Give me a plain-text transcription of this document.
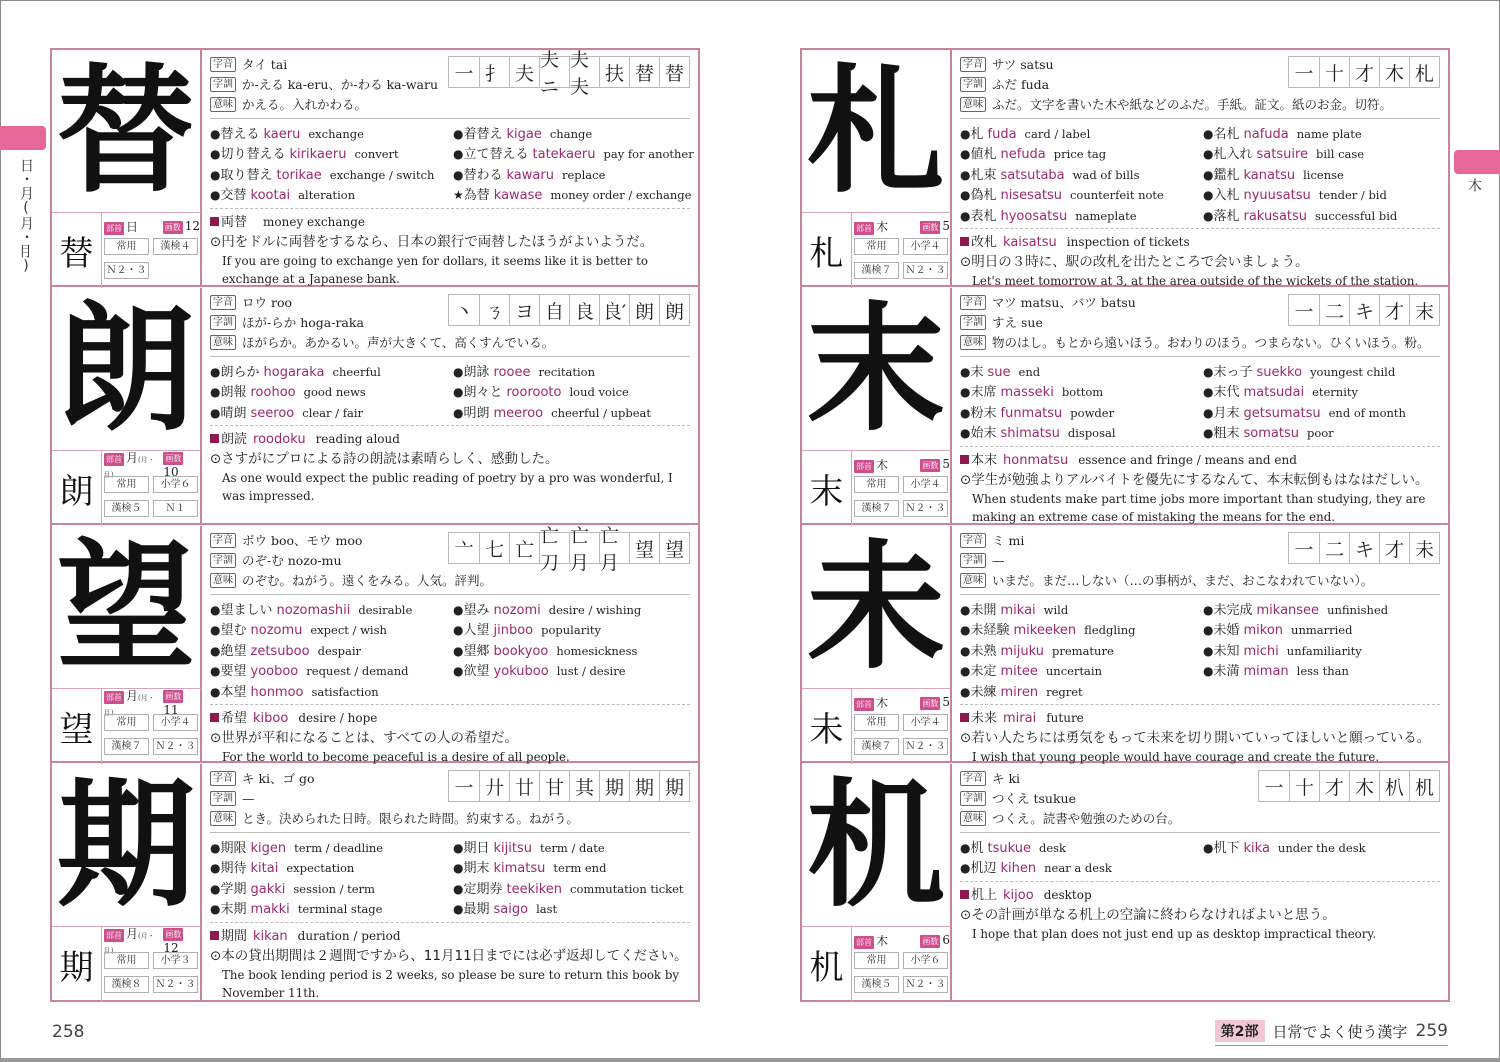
日・月(月・⺝)	木
替
替
部首 日	画数 12
常用	漢検４
Ｎ２・３
一 ⺘ 夫
夫ニ
夫夫
扶 替 替
字音 タイ tai
字訓 か-える ka-eru、か-わる ka-waru
意味 かえる。入れかわる。
●替える kaeru exchange	●着替え kigae change
●切り替える kirikaeru convert	●立て替える tatekaeru pay for another
●取り替え torikae exchange / switch	●替わる kawaru replace
●交替 kootai alteration	★為替 kawase money order / exchange
両替 money exchange
⊙円をドルに両替をするなら、日本の銀行で両替したほうがよいようだ。
If you are going to exchange yen for dollars, it seems like it is better to exchange at a Japanese bank.
朗
朗
部首 月(月・⺝)
画数10
常用	小学６
漢検５	Ｎ１
丶 ㄋ ヨ 自 良 良′ 朗 朗
字音 ロウ roo
字訓 ほが-らか hoga-raka
意味 ほがらか。あかるい。声が大きくて、高くすんでいる。
●朗らか hogaraka cheerful	●朗詠 rooee recitation
●朗報 roohoo good news	●朗々と roorooto loud voice
●晴朗 seeroo clear / fair	●明朗 meeroo cheerful / upbeat
朗読 roodoku reading aloud
⊙さすがにプロによる詩の朗読は素晴らしく、感動した。
As one would expect the public reading of poetry by a pro was wonderful, I was impressed.
望
望
部首 月(月・⺝)
画数11
常用	小学４
漢検７	Ｎ２・３
亠 七 亡
亡刀
亡月
亡月
望 望
字音 ボウ boo、モウ moo
字訓 のぞ-む nozo-mu
意味 のぞむ。ねがう。遠くをみる。人気。評判。
●望ましい nozomashii desirable	●望み nozomi desire / wishing
●望む nozomu expect / wish	●人望 jinboo popularity
●絶望 zetsuboo despair	●望郷 bookyoo homesickness
●要望 yooboo request / demand	●欲望 yokuboo lust / desire
●本望 honmoo satisfaction
希望 kiboo desire / hope
⊙世界が平和になることは、すべての人の希望だ。
For the world to become peaceful is a desire of all people.
期
期
部首 月(月・⺝)
画数12
常用	小学３
漢検８	Ｎ２・３
一 廾 廿 甘 其 期 期 期
字音 キ ki、ゴ go
字訓 —
意味 とき。決められた日時。限られた時間。約束する。ねがう。
●期限 kigen term / deadline	●期日 kijitsu term / date
●期待 kitai expectation	●期末 kimatsu term end
●学期 gakki session / term	●定期券 teekiken commutation ticket
●末期 makki terminal stage	●最期 saigo last
期間 kikan duration / period
⊙本の貸出期間は２週間ですから、11月11日までには必ず返却してください。
The book lending period is 2 weeks, so please be sure to return this book by November 11th.
札
札
部首 木	画数 5
常用	小学４
漢検７	Ｎ２・３
一 十 才 木 札
字音 サツ satsu
字訓 ふだ fuda
意味 ふだ。文字を書いた木や紙などのふだ。手紙。証文。紙のお金。切符。
●札 fuda card / label	●名札 nafuda name plate
●値札 nefuda price tag	●札入れ satsuire bill case
●札束 satsutaba wad of bills	●鑑札 kanatsu license
●偽札 nisesatsu counterfeit note	●入札 nyuusatsu tender / bid
●表札 hyoosatsu nameplate	●落札 rakusatsu successful bid
改札 kaisatsu inspection of tickets
⊙明日の３時に、駅の改札を出たところで会いましょう。
Let's meet tomorrow at 3, at the area outside of the wickets of the station.
末
末
部首 木	画数 5
常用	小学４
漢検７	Ｎ２・３
一 二 キ 才 末
字音 マツ matsu、バツ batsu
字訓 すえ sue
意味 物のはし。もとから遠いほう。おわりのほう。つまらない。ひくいほう。粉。
●末 sue end	●末っ子 suekko youngest child
●末席 masseki bottom	●末代 matsudai eternity
●粉末 funmatsu powder	●月末 getsumatsu end of month
●始末 shimatsu disposal	●粗末 somatsu poor
本末 honmatsu essence and fringe / means and end
⊙学生が勉強よりアルバイトを優先にするなんて、本末転倒もはなはだしい。
When students make part time jobs more important than studying, they are making an extreme case of mistaking the means for the end.
未
未
部首 木	画数 5
常用	小学４
漢検７	Ｎ２・３
一 二 キ 才 未
字音 ミ mi
字訓 —
意味 いまだ。まだ…しない（…の事柄が、まだ、おこなわれていない）。
●未開 mikai wild	●未完成 mikansee unfinished
●未経験 mikeeken fledgling	●未婚 mikon unmarried
●未熟 mijuku premature	●未知 michi unfamiliarity
●未定 mitee uncertain	●未満 miman less than
●未練 miren regret
未来 mirai future
⊙若い人たちには勇気をもって未来を切り開いていってほしいと願っている。
I wish that young people would have courage and create the future.
机
机
部首 木	画数 6
常用	小学６
漢検５	Ｎ２・３
一 十 才 木 朳 机
字音 キ ki
字訓 つくえ tsukue
意味 つくえ。読書や勉強のための台。
●机 tsukue desk	●机下 kika under the desk
●机辺 kihen near a desk
机上 kijoo desktop
⊙その計画が単なる机上の空論に終わらなければよいと思う。
I hope that plan does not just end up as desktop impractical theory.
258	第2部 日常でよく使う漢字 259
